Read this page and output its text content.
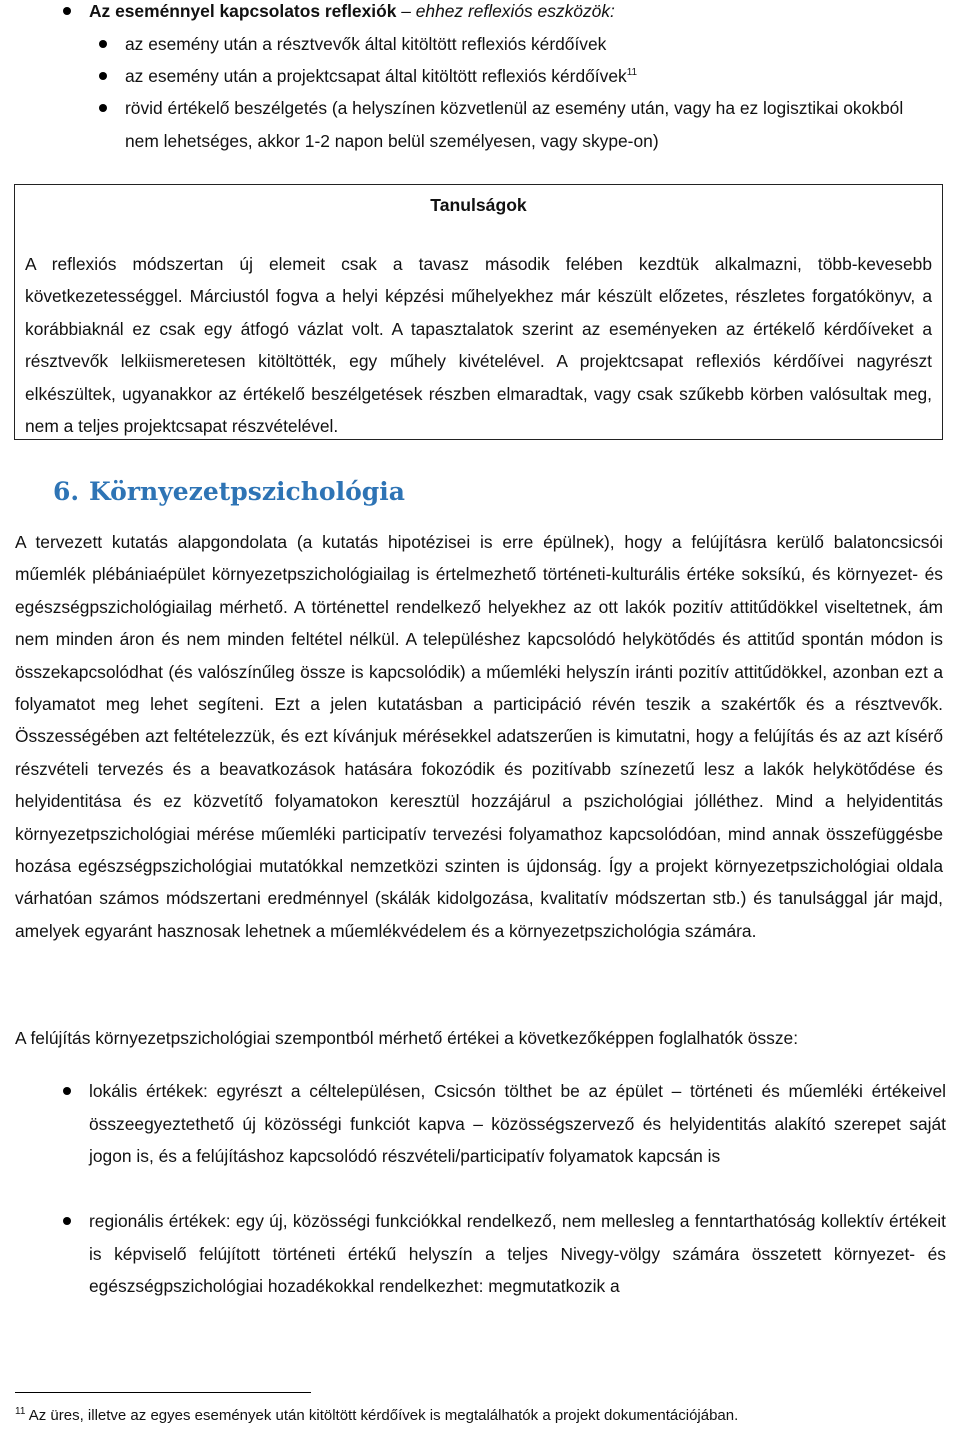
Az eseménnyel kapcsolatos reflexiók – ehhez reflexiós eszközök:
az esemény után a résztvevők által kitöltött reflexiós kérdőívek
az esemény után a projektcsapat által kitöltött reflexiós kérdőívek$^{11}$
rövid értékelő beszélgetés (a helyszínen közvetlenül az esemény után, vagy ha ez logisztikai okokból nem lehetséges, akkor 1-2 napon belül személyesen, vagy skype-on)
Tanulságok
A reflexiós módszertan új elemeit csak a tavasz második felében kezdtük alkalmazni, több-kevesebb következetességgel. Márciustól fogva a helyi képzési műhelyekhez már készült előzetes, részletes forgatókönyv, a korábbiaknál ez csak egy átfogó vázlat volt. A tapasztalatok szerint az eseményeken az értékelő kérdőíveket a résztvevők lelkiismeretesen kitöltötték, egy műhely kivételével. A projektcsapat reflexiós kérdőívei nagyrészt elkészültek, ugyanakkor az értékelő beszélgetések részben elmaradtak, vagy csak szűkebb körben valósultak meg, nem a teljes projektcsapat részvételével.
6. Környezetpszichológia
A tervezett kutatás alapgondolata (a kutatás hipotézisei is erre épülnek), hogy a felújításra kerülő balatoncsicsói műemlék plébániaépület környezetpszichológiailag is értelmezhető történeti-kulturális értéke soksíkú, és környezet- és egészségpszichológiailag mérhető. A történettel rendelkező helyekhez az ott lakók pozitív attitűdökkel viseltetnek, ám nem minden áron és nem minden feltétel nélkül. A településhez kapcsolódó helykötődés és attitűd spontán módon is összekapcsolódhat (és valószínűleg össze is kapcsolódik) a műemléki helyszín iránti pozitív attitűdökkel, azonban ezt a folyamatot meg lehet segíteni. Ezt a jelen kutatásban a participáció révén teszik a szakértők és a résztvevők. Összességében azt feltételezzük, és ezt kívánjuk mérésekkel adatszerűen is kimutatni, hogy a felújítás és az azt kísérő részvételi tervezés és a beavatkozások hatására fokozódik és pozitívabb színezetű lesz a lakók helykötődése és helyidentitása és ez közvetítő folyamatokon keresztül hozzájárul a pszichológiai jólléthez. Mind a helyidentitás környezetpszichológiai mérése műemléki participatív tervezési folyamathoz kapcsolódóan, mind annak összefüggésbe hozása egészségpszichológiai mutatókkal nemzetközi szinten is újdonság. Így a projekt környezetpszichológiai oldala várhatóan számos módszertani eredménnyel (skálák kidolgozása, kvalitatív módszertan stb.) és tanulsággal jár majd, amelyek egyaránt hasznosak lehetnek a műemlékvédelem és a környezetpszichológia számára.
A felújítás környezetpszichológiai szempontból mérhető értékei a következőképpen foglalhatók össze:
lokális értékek: egyrészt a céltelepülésen, Csicsón tölthet be az épület – történeti és műemléki értékeivel összeegyeztethető új közösségi funkciót kapva – közösségszervező és helyidentitás alakító szerepet saját jogon is, és a felújításhoz kapcsolódó részvételi/participatív folyamatok kapcsán is
regionális értékek: egy új, közösségi funkciókkal rendelkező, nem mellesleg a fenntarthatóság kollektív értékeit is képviselő felújított történeti értékű helyszín a teljes Nivegy-völgy számára összetett környezet- és egészségpszichológiai hozadékokkal rendelkezhet: megmutatkozik a
$^{11}$ Az üres, illetve az egyes események után kitöltött kérdőívek is megtalálhatók a projekt dokumentációjában.
